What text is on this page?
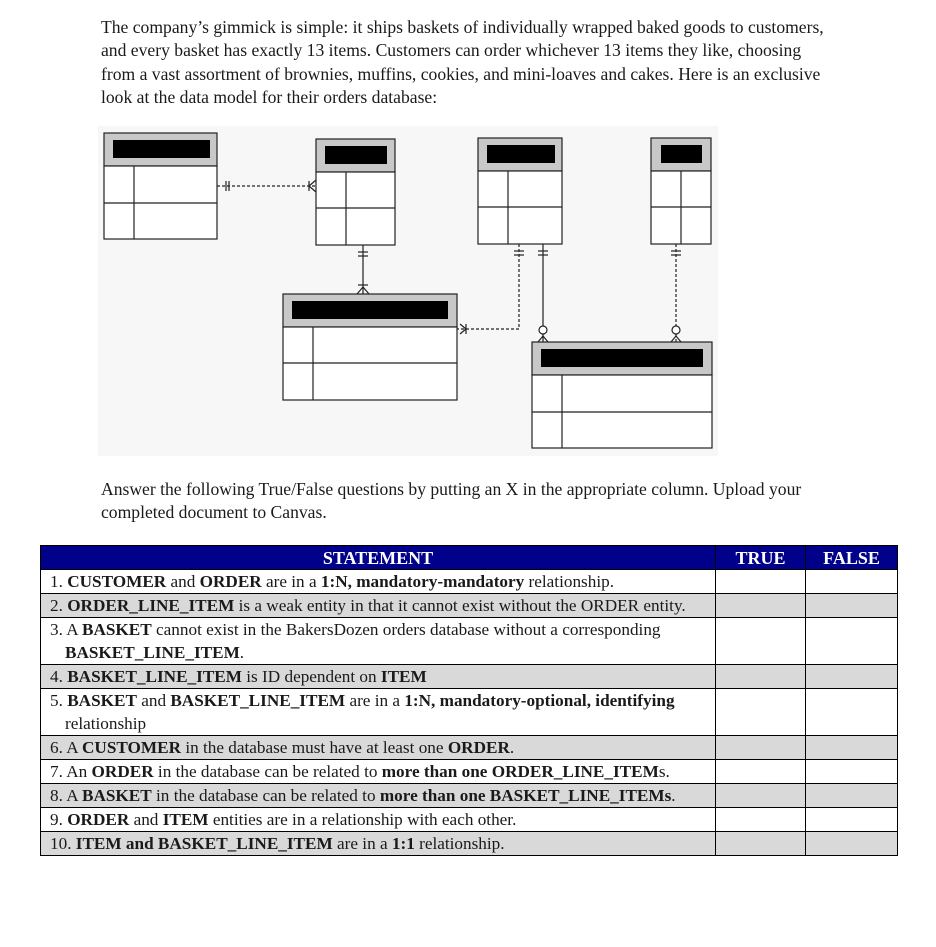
The company’s gimmick is simple: it ships baskets of individually wrapped baked goods to customers, and every basket has exactly 13 items. Customers can order whichever 13 items they like, choosing from a vast assortment of brownies, muffins, cookies, and mini-loaves and cakes. Here is an exclusive look at the data model for their orders database:

Answer the following True/False questions by putting an X in the appropriate column. Upload your completed document to Canvas.

STATEMENT	TRUE	FALSE
1. CUSTOMER and ORDER are in a 1:N, mandatory-mandatory relationship.		
2. ORDER_LINE_ITEM is a weak entity in that it cannot exist without the ORDER entity.		

3. A BASKET cannot exist in the BakersDozen orders database without a corresponding BASKET_LINE_ITEM.		

4. BASKET_LINE_ITEM is ID dependent on ITEM		

5. BASKET and BASKET_LINE_ITEM are in a 1:N, mandatory-optional, identifying relationship		

6. A CUSTOMER in the database must have at least one ORDER.		

7. An ORDER in the database can be related to more than one ORDER_LINE_ITEMs.		

8. A BASKET in the database can be related to more than one BASKET_LINE_ITEMs.		

9. ORDER and ITEM entities are in a relationship with each other.		
10. ITEM and BASKET_LINE_ITEM are in a 1:1 relationship.		
